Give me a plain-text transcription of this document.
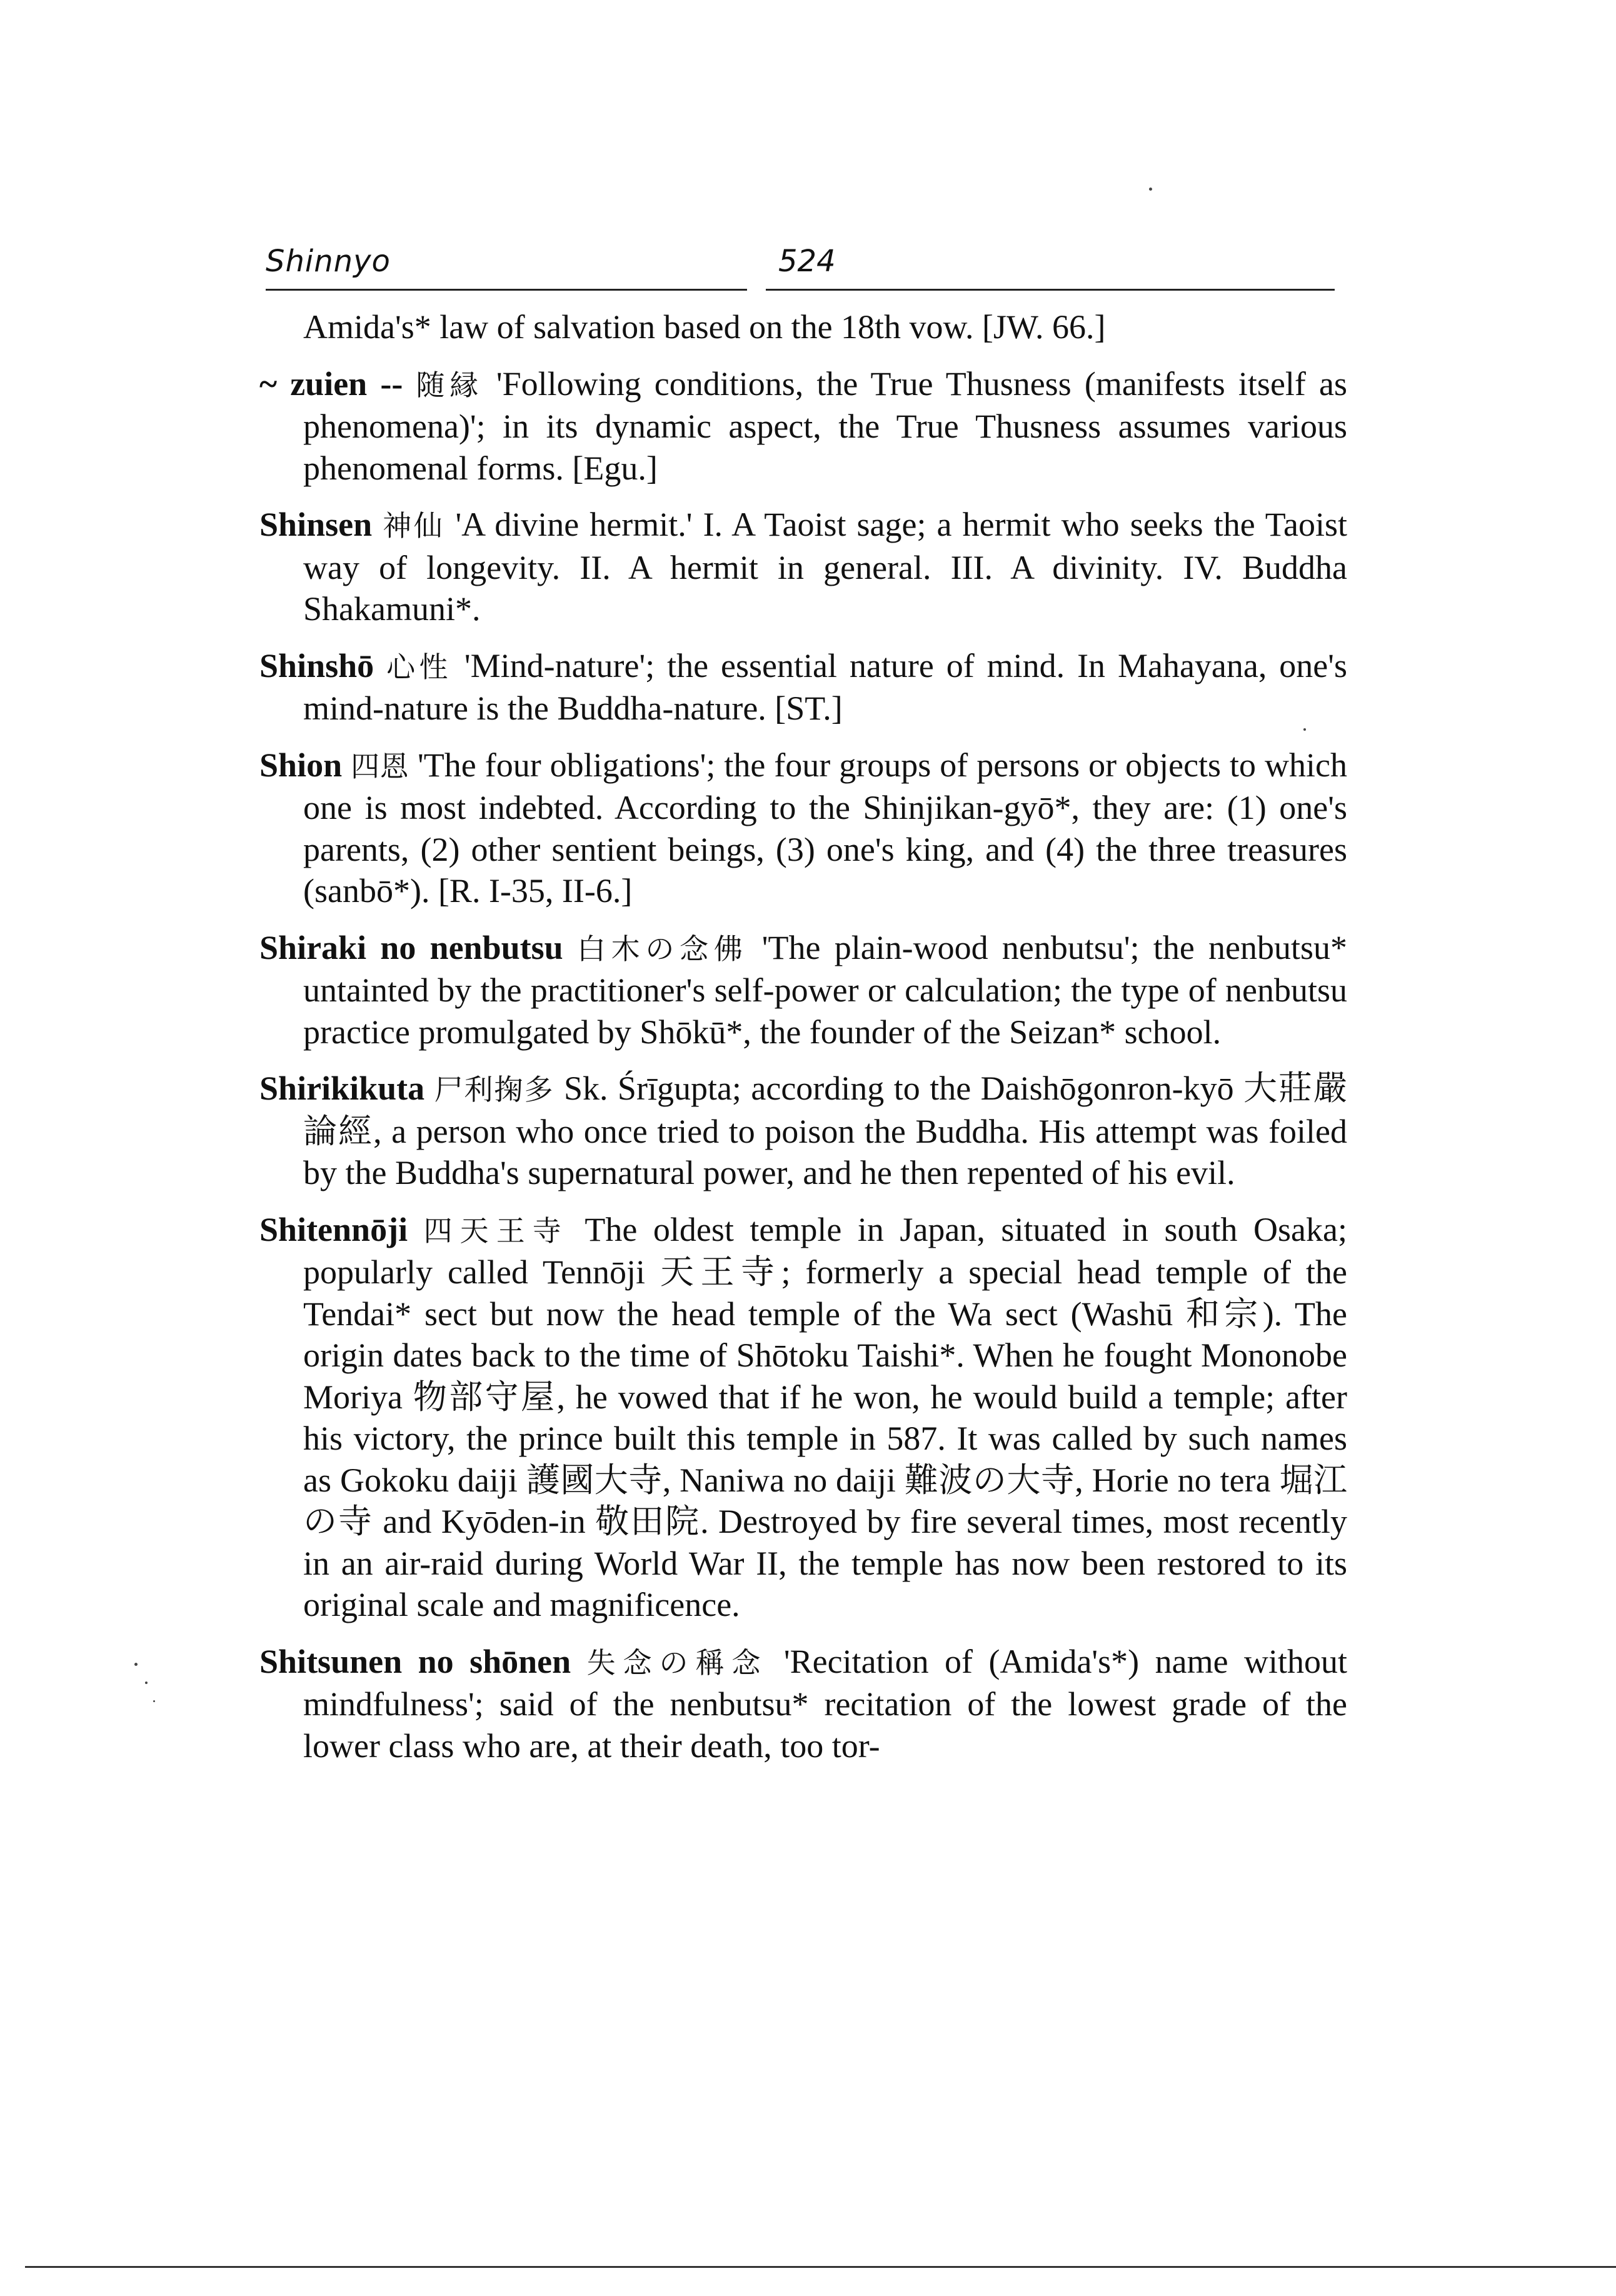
Shinnyo	524

Amida's* law of salvation based on the 18th vow. [JW. 66.]

~ zuien -- 随縁 'Following conditions, the True Thusness (manifests itself as phenomena)'; in its dynamic aspect, the True Thusness assumes various phenomenal forms. [Egu.]

Shinsen 神仙 'A divine hermit.' I. A Taoist sage; a hermit who seeks the Taoist way of longevity. II. A hermit in general. III. A divinity. IV. Buddha Shakamuni*.

Shinshō 心性 'Mind-nature'; the essential nature of mind. In Mahayana, one's mind-nature is the Buddha-nature. [ST.]

Shion 四恩 'The four obligations'; the four groups of persons or objects to which one is most indebted. According to the Shinjikan-gyō*, they are: (1) one's parents, (2) other sentient beings, (3) one's king, and (4) the three treasures (sanbō*). [R. I-35, II-6.]

Shiraki no nenbutsu 白木の念佛 'The plain-wood nenbutsu'; the nenbutsu* untainted by the practitioner's self-power or calculation; the type of nenbutsu practice promulgated by Shōkū*, the founder of the Seizan* school.

Shirikikuta 尸利掬多 Sk. Śrīgupta; according to the Daishōgonron-kyō 大莊嚴論經, a person who once tried to poison the Buddha. His attempt was foiled by the Buddha's supernatural power, and he then repented of his evil.

Shitennōji 四天王寺 The oldest temple in Japan, situated in south Osaka; popularly called Tennōji 天王寺; formerly a special head temple of the Tendai* sect but now the head temple of the Wa sect (Washū 和宗). The origin dates back to the time of Shōtoku Taishi*. When he fought Mononobe Moriya 物部守屋, he vowed that if he won, he would build a temple; after his victory, the prince built this temple in 587. It was called by such names as Gokoku daiji 護國大寺, Naniwa no daiji 難波の大寺, Horie no tera 堀江の寺 and Kyōden-in 敬田院. Destroyed by fire several times, most recently in an air-raid during World War II, the temple has now been restored to its original scale and magnificence.

Shitsunen no shōnen 失念の稱念 'Recitation of (Amida's*) name without mindfulness'; said of the nenbutsu* recitation of the lowest grade of the lower class who are, at their death, too tor-
